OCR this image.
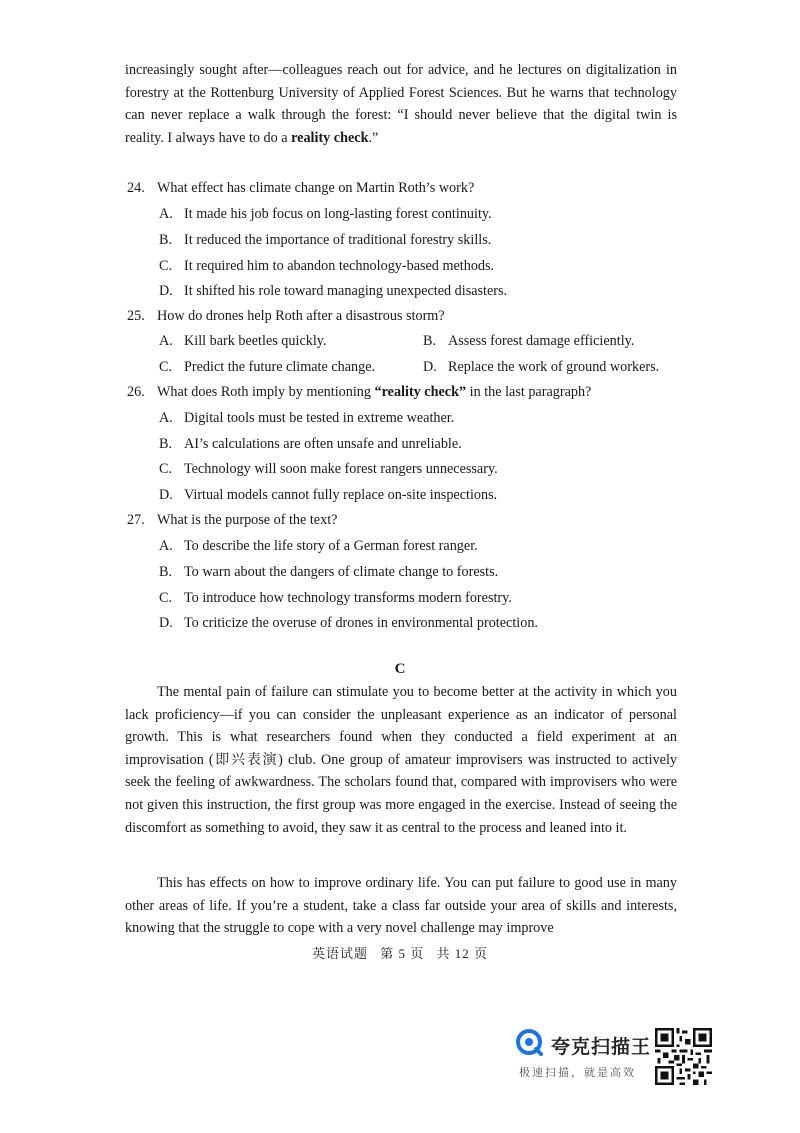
increasingly sought after—colleagues reach out for advice, and he lectures on digitalization in forestry at the Rottenburg University of Applied Forest Sciences. But he warns that technology can never replace a walk through the forest: “I should never believe that the digital twin is reality. I always have to do a reality check.”
24. What effect has climate change on Martin Roth’s work?
A. It made his job focus on long-lasting forest continuity.
B. It reduced the importance of traditional forestry skills.
C. It required him to abandon technology-based methods.
D. It shifted his role toward managing unexpected disasters.
25. How do drones help Roth after a disastrous storm?
A. Kill bark beetles quickly.	B. Assess forest damage efficiently.
C. Predict the future climate change.	D. Replace the work of ground workers.
26. What does Roth imply by mentioning “reality check” in the last paragraph?
A. Digital tools must be tested in extreme weather.
B. AI’s calculations are often unsafe and unreliable.
C. Technology will soon make forest rangers unnecessary.
D. Virtual models cannot fully replace on-site inspections.
27. What is the purpose of the text?
A. To describe the life story of a German forest ranger.
B. To warn about the dangers of climate change to forests.
C. To introduce how technology transforms modern forestry.
D. To criticize the overuse of drones in environmental protection.
C
The mental pain of failure can stimulate you to become better at the activity in which you lack proficiency—if you can consider the unpleasant experience as an indicator of personal growth. This is what researchers found when they conducted a field experiment at an improvisation (即兴表演) club. One group of amateur improvisers was instructed to actively seek the feeling of awkwardness. The scholars found that, compared with improvisers who were not given this instruction, the first group was more engaged in the exercise. Instead of seeing the discomfort as something to avoid, they saw it as central to the process and leaned into it.
This has effects on how to improve ordinary life. You can put failure to good use in many other areas of life. If you’re a student, take a class far outside your area of skills and interests, knowing that the struggle to cope with a very novel challenge may improve
英语试题 第 5 页 共 12 页
夸克扫描王
极速扫描，就是高效
